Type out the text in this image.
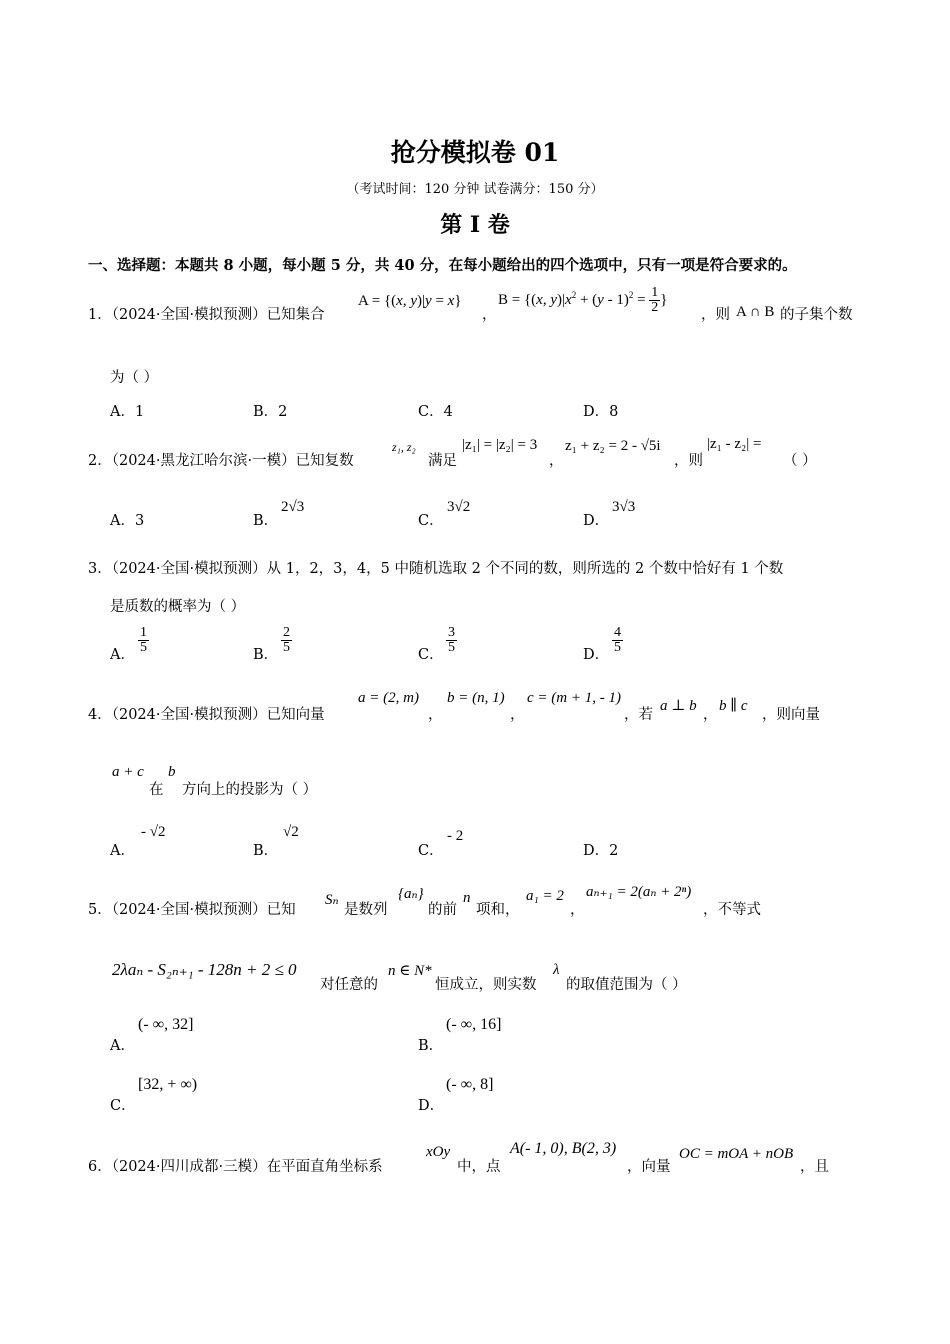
抢分模拟卷 01
（考试时间：120 分钟 试卷满分：150 分）
第 I 卷
一、选择题：本题共 8 小题，每小题 5 分，共 40 分，在每小题给出的四个选项中，只有一项是符合要求的。
1．（2024·全国·模拟预测）已知集合
A = {(x, y)|y = x}
，
B = {(x, $y)|x^2 + (y - 1)^2 = \frac{1}{2}$ }
，则 A ∩ B 的子集个数
为（ ）
A．1	B．2	C．4	D．8
2．（2024·黑龙江哈尔滨·一模）已知复数
z₁, z₂
满足
|z₁| = |z₂| = 3
，
z₁ + z₂ = 2 - √5i
，则
|z₁ - z₂| =
（ ）
A．3	B．
2√3
C．
3√2
D．
3√3
3．（2024·全国·模拟预测）从 1，2，3，4，5 中随机选取 2 个不同的数，则所选的 2 个数中恰好有 1 个数
是质数的概率为（ ）
A． $\frac{1}{5}$	B． $\frac{2}{5}$	C． $\frac{3}{5}$	D． $\frac{4}{5}$
4．（2024·全国·模拟预测）已知向量
a = (2, m)
，
b = (n, 1)
，
c = (m + 1, - 1)
，若
a ⊥ b
，
b ∥ c
，则向量
a + c
在
b
方向上的投影为（ ）
A．
- √2
B．
√2
C．
- 2
D．2
5．（2024·全国·模拟预测）已知
Sₙ
是数列
{aₙ}
的前
n
项和，
a₁ = 2
，
aₙ₊₁ = 2(aₙ + 2ⁿ)
，不等式
2λaₙ - S₂ₙ₊₁ - 128n + 2 ≤ 0
对任意的
n ∈ N*
恒成立，则实数
λ
的取值范围为（ ）
A．
(- ∞, 32]
B．
(- ∞, 16]
C．
[32, + ∞)
D．
(- ∞, 8]
6．（2024·四川成都·三模）在平面直角坐标系
xOy
中，点
A(- 1, 0), B(2, 3)
，向量
OC = mOA + nOB
，且
